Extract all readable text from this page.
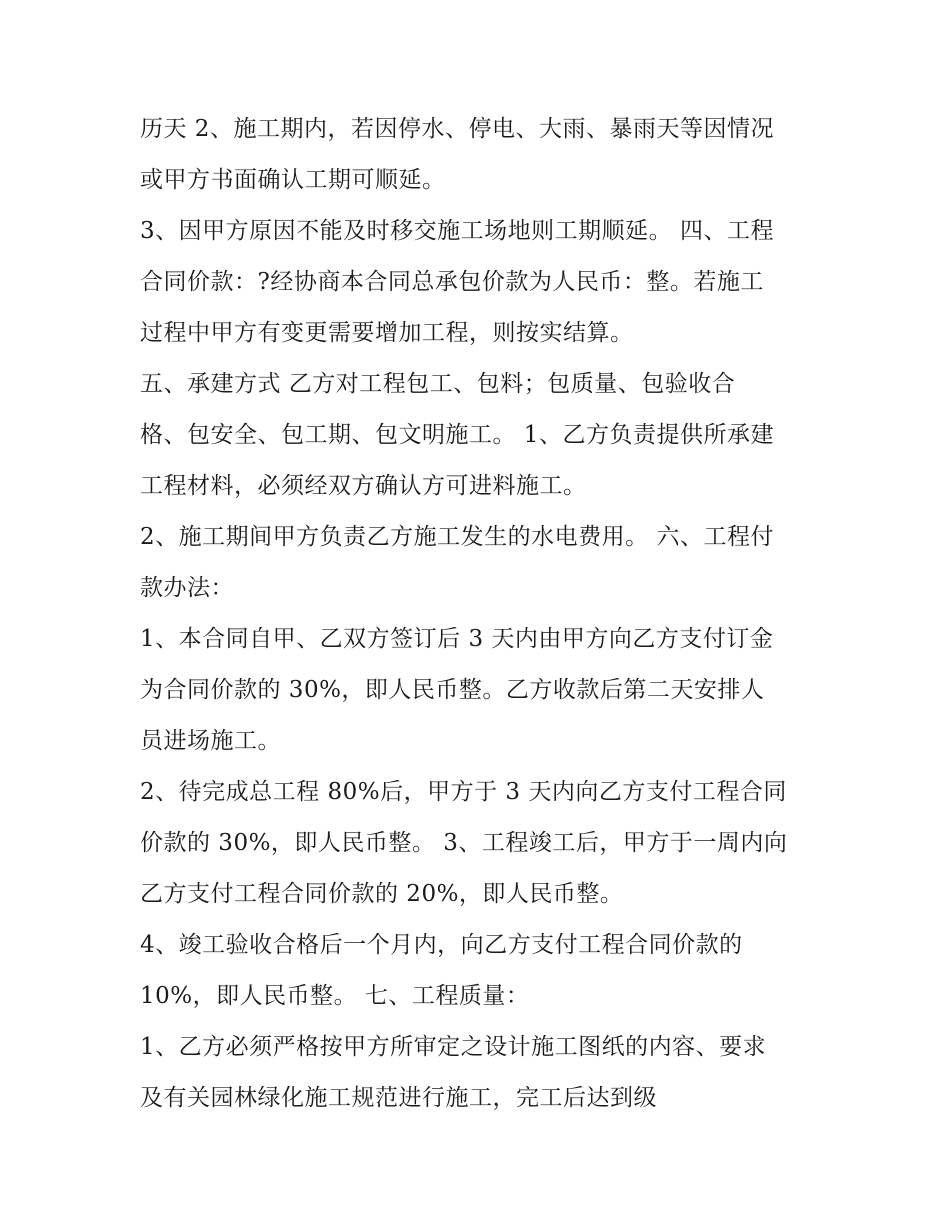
历天 2、施工期内，若因停水、停电、大雨、暴雨天等因情况
或甲方书面确认工期可顺延。
3、因甲方原因不能及时移交施工场地则工期顺延。 四、工程
合同价款：?经协商本合同总承包价款为人民币：整。若施工
过程中甲方有变更需要增加工程，则按实结算。
五、承建方式 乙方对工程包工、包料；包质量、包验收合
格、包安全、包工期、包文明施工。 1、乙方负责提供所承建
工程材料，必须经双方确认方可进料施工。
2、施工期间甲方负责乙方施工发生的水电费用。 六、工程付
款办法：
1、本合同自甲、乙双方签订后 3 天内由甲方向乙方支付订金
为合同价款的 30%，即人民币整。乙方收款后第二天安排人
员进场施工。
2、待完成总工程 80%后，甲方于 3 天内向乙方支付工程合同
价款的 30%，即人民币整。 3、工程竣工后，甲方于一周内向
乙方支付工程合同价款的 20%，即人民币整。
4、竣工验收合格后一个月内，向乙方支付工程合同价款的
10%，即人民币整。 七、工程质量：
1、乙方必须严格按甲方所审定之设计施工图纸的内容、要求
及有关园林绿化施工规范进行施工，完工后达到级
